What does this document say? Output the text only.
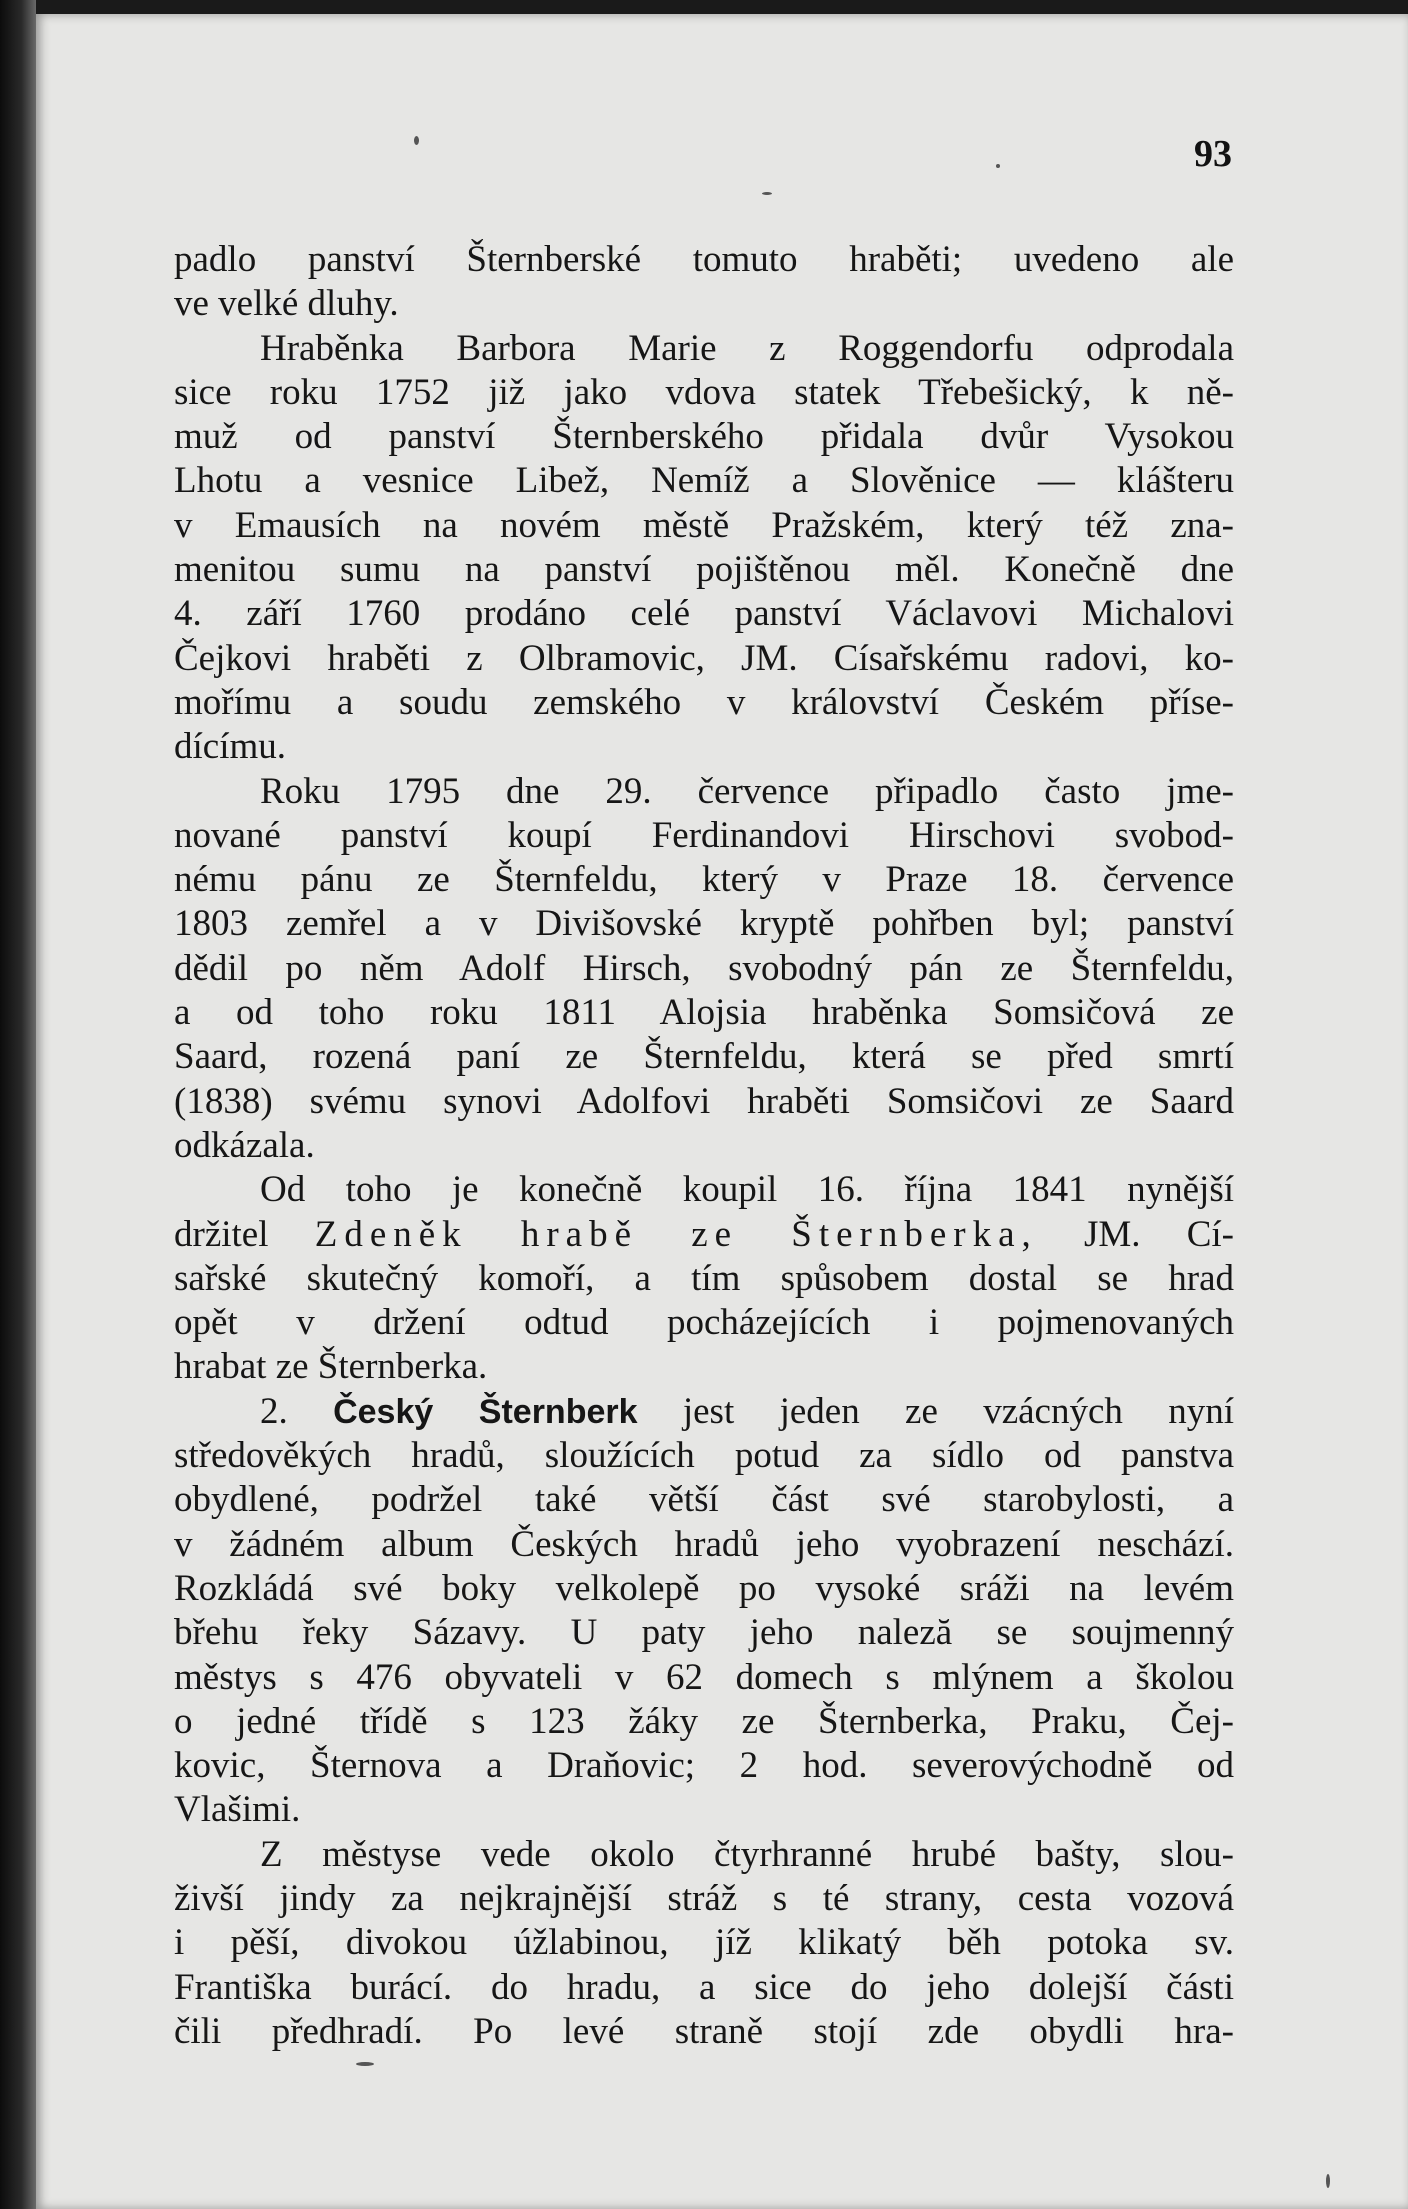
93
padlo panství Šternberské tomuto hraběti; uvedeno ale
ve velké dluhy.
Hraběnka Barbora Marie z Roggendorfu odprodala
sice roku 1752 již jako vdova statek Třebešický, k ně-
muž od panství Šternberského přidala dvůr Vysokou
Lhotu a vesnice Libež, Nemíž a Slověnice — klášteru
v Emausích na novém městě Pražském, který též zna-
menitou sumu na panství pojištěnou měl. Konečně dne
4. září 1760 prodáno celé panství Václavovi Michalovi
Čejkovi hraběti z Olbramovic, JM. Císařskému radovi, ko-
mořímu a soudu zemského v království Českém přísе-
dícímu.
Roku 1795 dne 29. července připadlo často jme-
nované panství koupí Ferdinandovi Hirschovi svobod-
nému pánu ze Šternfeldu, který v Praze 18. července
1803 zemřel a v Divišovské kryptě pohřben byl; panství
dědil po něm Adolf Hirsch, svobodný pán ze Šternfeldu,
a od toho roku 1811 Alojsia hraběnka Somsičová ze
Saard, rozená paní ze Šternfeldu, která se před smrtí
(1838) svému synovi Adolfovi hraběti Somsičovi ze Saard
odkázala.
Od toho je konečně koupil 16. října 1841 nynější
držitel Zdeněk hrabě ze Šternberka, JM. Cí-
sařské skutečný komoří, a tím spůsobem dostal se hrad
opět v držení odtud pocházejících i pojmenovaných
hrabat ze Šternberka.
2. Český Šternberk jest jeden ze vzácných nyní
středověkých hradů, sloužících potud za sídlo od panstva
obydlené, podržel také větší část své starobylosti, a
v žádném album Českých hradů jeho vyobrazení neschází.
Rozkládá své boky velkolepě po vysoké sráži na levém
břehu řeky Sázavy. U paty jeho naleză se soujmenný
městys s 476 obyvateli v 62 domech s mlýnem a školou
o jedné třídě s 123 žáky ze Šternberka, Praku, Čej-
kovic, Šternova a Draňovic; 2 hod. severovýchodně od
Vlašimi.
Z městyse vede okolo čtyrhranné hrubé bašty, slou-
živší jindy za nejkrajnější stráž s té strany, cesta vozová
i pěší, divokou úžlabinou, jíž klikatý běh potoka sv.
Františka burácí. do hradu, a sice do jeho dolejší části
čili předhradí. Po levé straně stojí zde obydli hra-
